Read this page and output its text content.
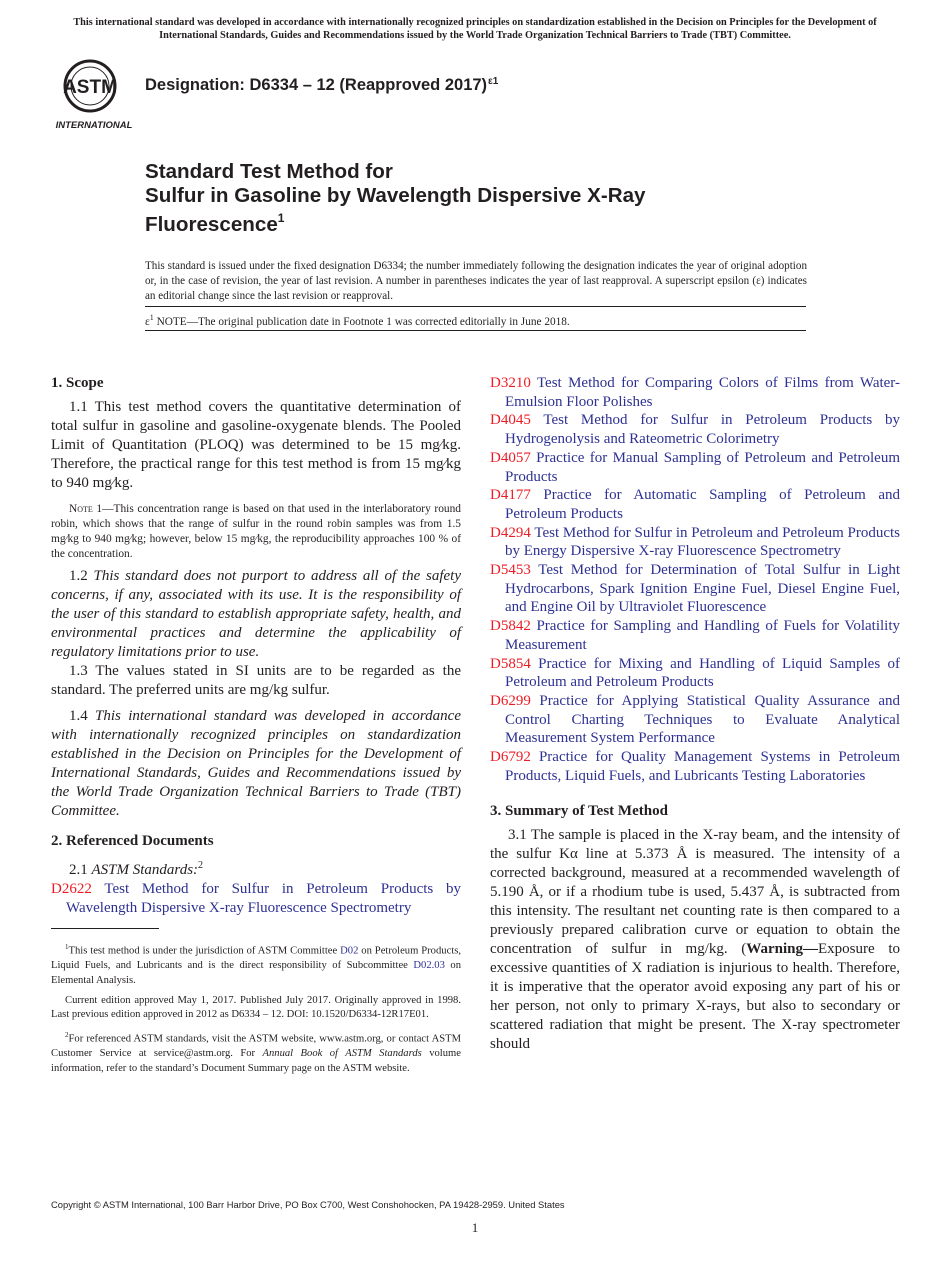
This international standard was developed in accordance with internationally recognized principles on standardization established in the Decision on Principles for the Development of International Standards, Guides and Recommendations issued by the World Trade Organization Technical Barriers to Trade (TBT) Committee.
ASTM
INTERNATIONAL
Designation: D6334 – 12 (Reapproved 2017)$^{\varepsilon 1}$
Standard Test Method for
Sulfur in Gasoline by Wavelength Dispersive X-Ray
Fluorescence$^1$
This standard is issued under the fixed designation D6334; the number immediately following the designation indicates the year of original adoption or, in the case of revision, the year of last revision. A number in parentheses indicates the year of last reapproval. A superscript epsilon (ε) indicates an editorial change since the last revision or reapproval.
$\varepsilon^1$ NOTE—The original publication date in Footnote 1 was corrected editorially in June 2018.
1. Scope

1.1 This test method covers the quantitative determination of total sulfur in gasoline and gasoline-oxygenate blends. The Pooled Limit of Quantitation (PLOQ) was determined to be 15 mg⁄kg. Therefore, the practical range for this test method is from 15 mg⁄kg to 940 mg⁄kg.

Note 1—This concentration range is based on that used in the interlaboratory round robin, which shows that the range of sulfur in the round robin samples was from 1.5 mg⁄kg to 940 mg⁄kg; however, below 15 mg⁄kg, the reproducibility approaches 100 % of the concentration.

1.2 This standard does not purport to address all of the safety concerns, if any, associated with its use. It is the responsibility of the user of this standard to establish appropriate safety, health, and environmental practices and determine the applicability of regulatory limitations prior to use.

1.3 The values stated in SI units are to be regarded as the standard. The preferred units are mg/kg sulfur.

1.4 This international standard was developed in accordance with internationally recognized principles on standardization established in the Decision on Principles for the Development of International Standards, Guides and Recommendations issued by the World Trade Organization Technical Barriers to Trade (TBT) Committee.

2. Referenced Documents

2.1 ASTM Standards:$^2$

D2622 Test Method for Sulfur in Petroleum Products by Wavelength Dispersive X-ray Fluorescence Spectrometry

$^1$This test method is under the jurisdiction of ASTM Committee D02 on Petroleum Products, Liquid Fuels, and Lubricants and is the direct responsibility of Subcommittee D02.03 on Elemental Analysis.

Current edition approved May 1, 2017. Published July 2017. Originally approved in 1998. Last previous edition approved in 2012 as D6334 – 12. DOI: 10.1520/D6334-12R17E01.

$^2$For referenced ASTM standards, visit the ASTM website, www.astm.org, or contact ASTM Customer Service at service@astm.org. For Annual Book of ASTM Standards volume information, refer to the standard’s Document Summary page on the ASTM website.

D3210 Test Method for Comparing Colors of Films from Water-Emulsion Floor Polishes

D4045 Test Method for Sulfur in Petroleum Products by Hydrogenolysis and Rateometric Colorimetry

D4057 Practice for Manual Sampling of Petroleum and Petroleum Products

D4177 Practice for Automatic Sampling of Petroleum and Petroleum Products

D4294 Test Method for Sulfur in Petroleum and Petroleum Products by Energy Dispersive X-ray Fluorescence Spectrometry

D5453 Test Method for Determination of Total Sulfur in Light Hydrocarbons, Spark Ignition Engine Fuel, Diesel Engine Fuel, and Engine Oil by Ultraviolet Fluorescence

D5842 Practice for Sampling and Handling of Fuels for Volatility Measurement

D5854 Practice for Mixing and Handling of Liquid Samples of Petroleum and Petroleum Products

D6299 Practice for Applying Statistical Quality Assurance and Control Charting Techniques to Evaluate Analytical Measurement System Performance

D6792 Practice for Quality Management Systems in Petroleum Products, Liquid Fuels, and Lubricants Testing Laboratories

3. Summary of Test Method

3.1 The sample is placed in the X-ray beam, and the intensity of the sulfur Kα line at 5.373 Å is measured. The intensity of a corrected background, measured at a recommended wavelength of 5.190 Å, or if a rhodium tube is used, 5.437 Å, is subtracted from this intensity. The resultant net counting rate is then compared to a previously prepared calibration curve or equation to obtain the concentration of sulfur in mg/kg. (Warning—Exposure to excessive quantities of X radiation is injurious to health. Therefore, it is imperative that the operator avoid exposing any part of his or her person, not only to primary X-rays, but also to secondary or scattered radiation that might be present. The X-ray spectrometer should

Copyright © ASTM International, 100 Barr Harbor Drive, PO Box C700, West Conshohocken, PA 19428-2959. United States
1
